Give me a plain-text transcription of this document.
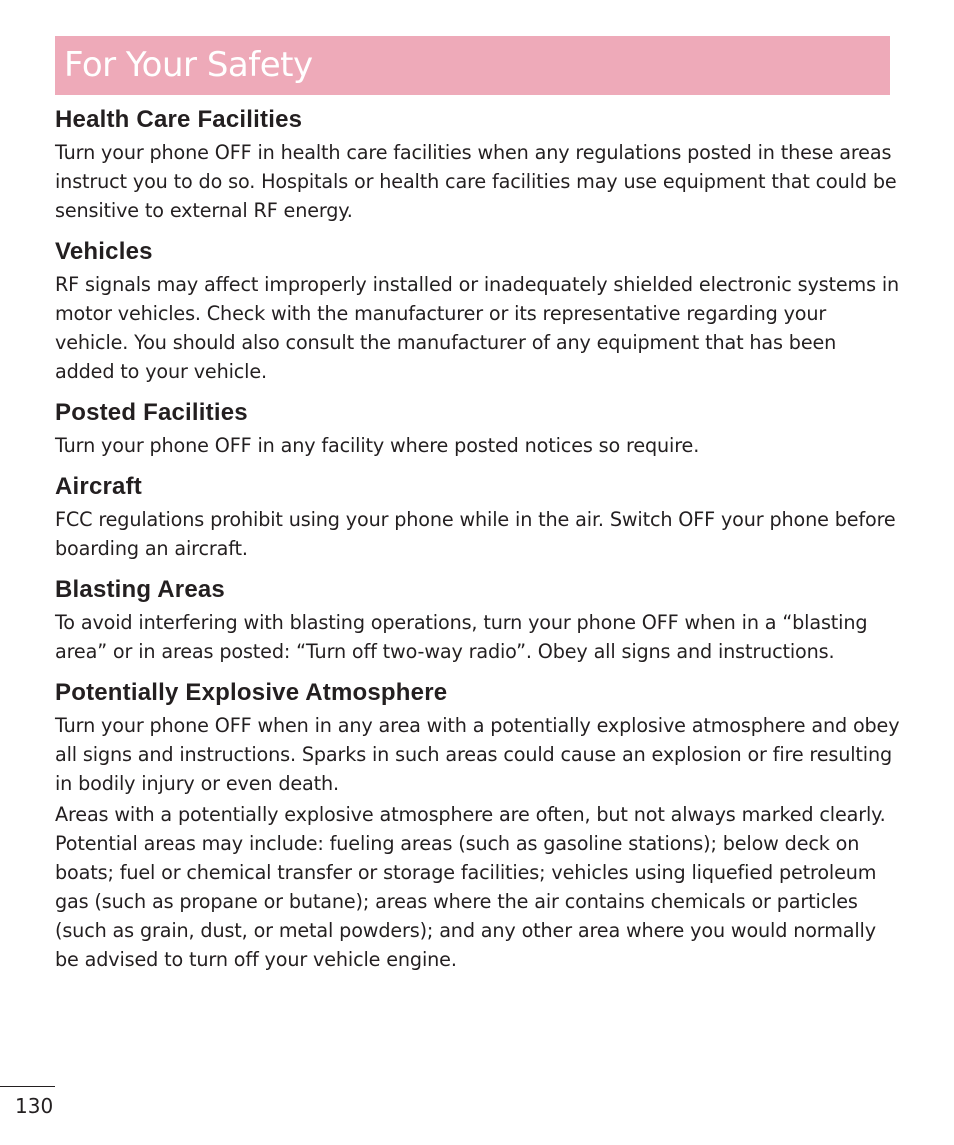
For Your Safety
Health Care Facilities

Turn your phone OFF in health care facilities when any regulations posted in these areas instruct you to do so. Hospitals or health care facilities may use equipment that could be sensitive to external RF energy.

Vehicles

RF signals may affect improperly installed or inadequately shielded electronic systems in motor vehicles. Check with the manufacturer or its representative regarding your vehicle. You should also consult the manufacturer of any equipment that has been added to your vehicle.

Posted Facilities

Turn your phone OFF in any facility where posted notices so require.

Aircraft

FCC regulations prohibit using your phone while in the air. Switch OFF your phone before boarding an aircraft.

Blasting Areas

To avoid interfering with blasting operations, turn your phone OFF when in a “blasting area” or in areas posted: “Turn off two-way radio”. Obey all signs and instructions.

Potentially Explosive Atmosphere

Turn your phone OFF when in any area with a potentially explosive atmosphere and obey all signs and instructions. Sparks in such areas could cause an explosion or fire resulting in bodily injury or even death.

Areas with a potentially explosive atmosphere are often, but not always marked clearly. Potential areas may include: fueling areas (such as gasoline stations); below deck on boats; fuel or chemical transfer or storage facilities; vehicles using liquefied petroleum gas (such as propane or butane); areas where the air contains chemicals or particles (such as grain, dust, or metal powders); and any other area where you would normally be advised to turn off your vehicle engine.

130
